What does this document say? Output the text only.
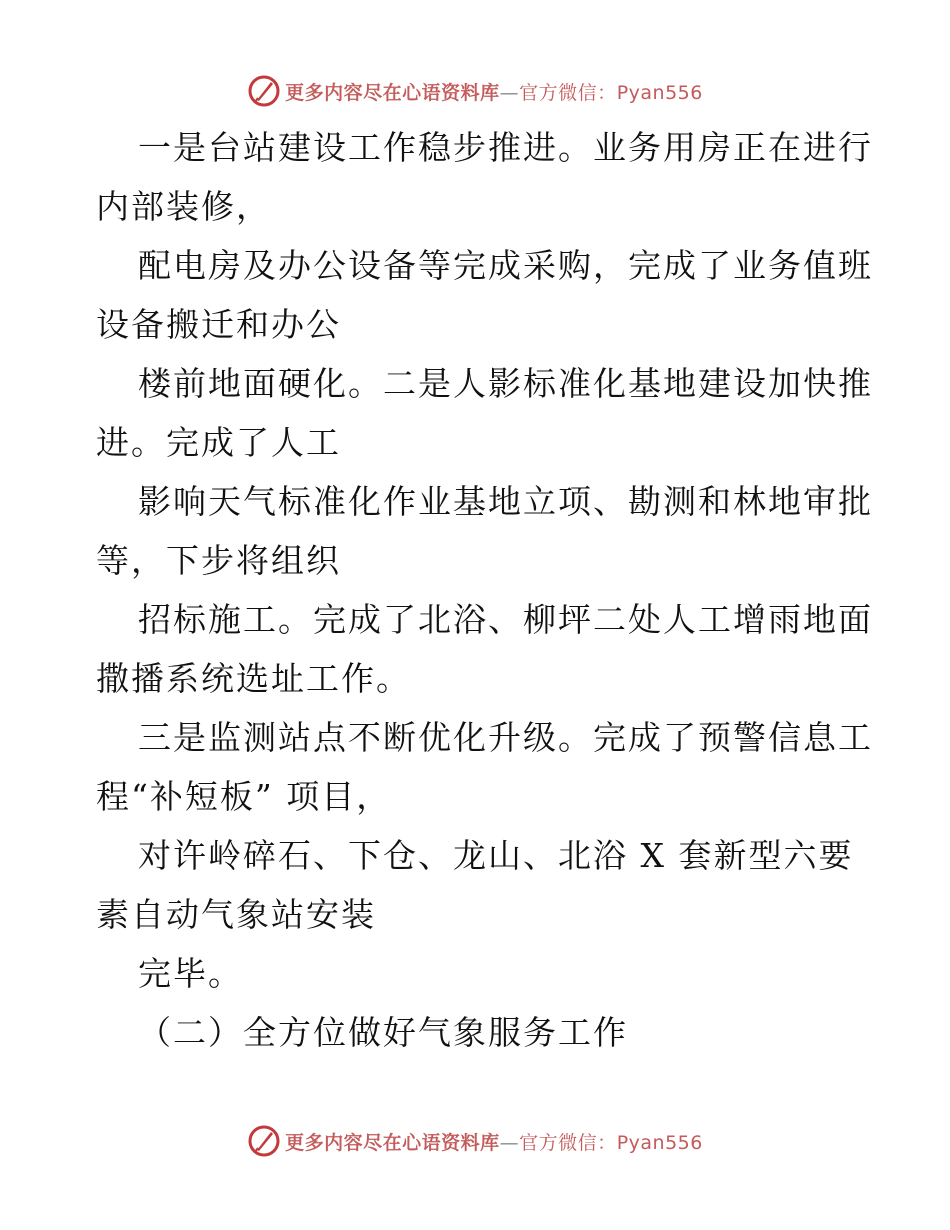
更多内容尽在心语资料库—官方微信：Pyan556
一是台站建设工作稳步推进。业务用房正在进行
内部装修，
配电房及办公设备等完成采购，完成了业务值班
设备搬迁和办公
楼前地面硬化。二是人影标准化基地建设加快推
进。完成了人工
影响天气标准化作业基地立项、勘测和林地审批
等，下步将组织
招标施工。完成了北浴、柳坪二处人工增雨地面
撒播系统选址工作。
三是监测站点不断优化升级。完成了预警信息工
程“补短板” 项目，
对许岭碎石、下仓、龙山、北浴 X 套新型六要
素自动气象站安装
完毕。
（二）全方位做好气象服务工作
更多内容尽在心语资料库—官方微信：Pyan556
